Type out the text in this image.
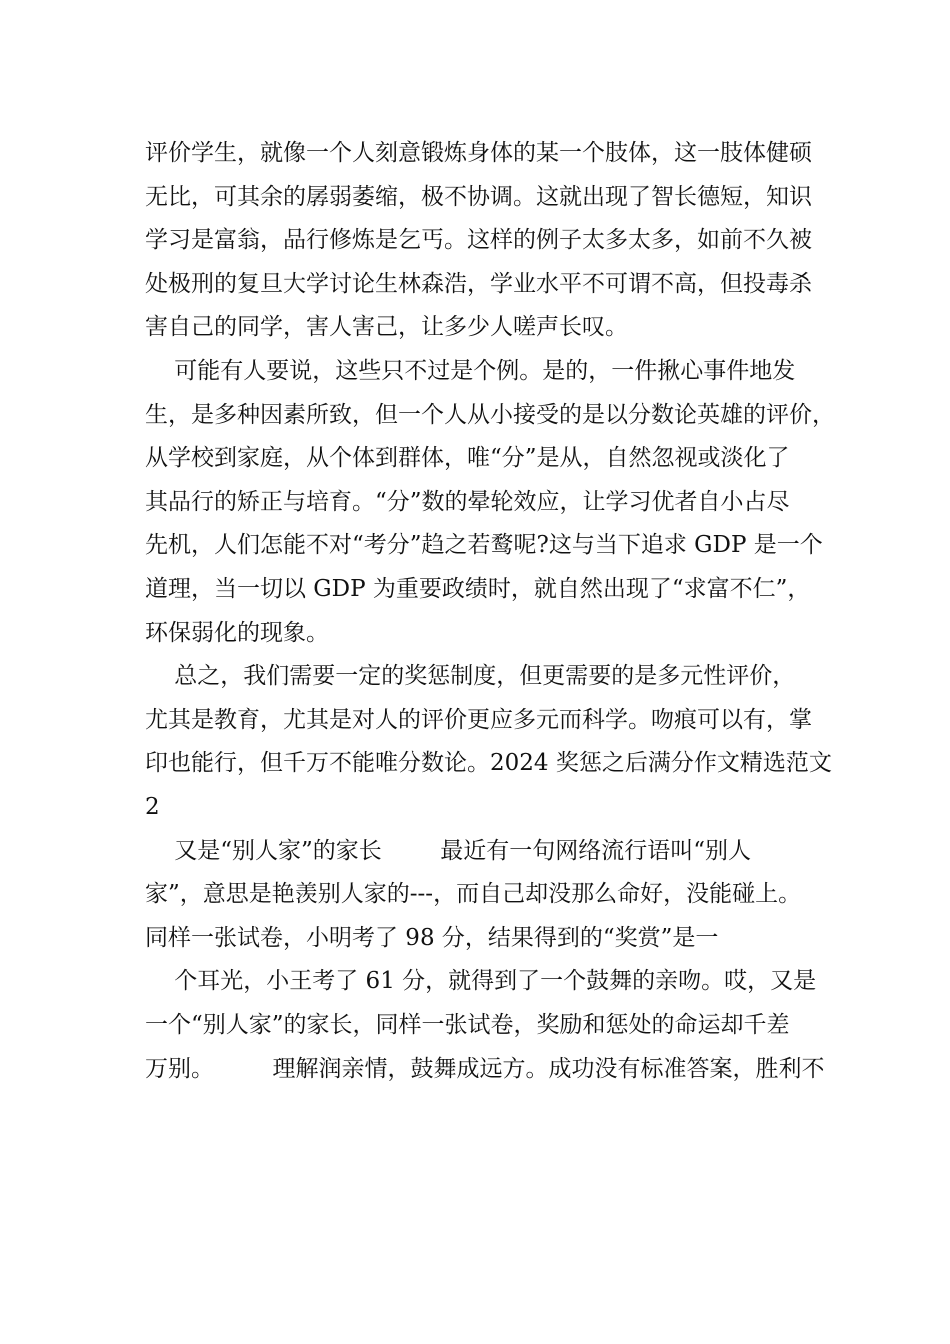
评价学生，就像一个人刻意锻炼身体的某一个肢体，这一肢体健硕
无比，可其余的孱弱萎缩，极不协调。这就出现了智长德短，知识
学习是富翁，品行修炼是乞丐。这样的例子太多太多，如前不久被
处极刑的复旦大学讨论生林森浩，学业水平不可谓不高，但投毒杀
害自己的同学，害人害己，让多少人嗟声长叹。
可能有人要说，这些只不过是个例。是的，一件揪心事件地发
生，是多种因素所致，但一个人从小接受的是以分数论英雄的评价，
从学校到家庭，从个体到群体，唯“分”是从，自然忽视或淡化了
其品行的矫正与培育。“分”数的晕轮效应，让学习优者自小占尽
先机，人们怎能不对“考分”趋之若鹜呢?这与当下追求 GDP 是一个
道理，当一切以 GDP 为重要政绩时，就自然出现了“求富不仁”，
环保弱化的现象。
总之，我们需要一定的奖惩制度，但更需要的是多元性评价，
尤其是教育，尤其是对人的评价更应多元而科学。吻痕可以有，掌
印也能行，但千万不能唯分数论。2024 奖惩之后满分作文精选范文
2
又是“别人家”的家长        最近有一句网络流行语叫“别人
家”，意思是艳羡别人家的---，而自己却没那么命好，没能碰上。
同样一张试卷，小明考了 98 分，结果得到的“奖赏”是一
个耳光，小王考了 61 分，就得到了一个鼓舞的亲吻。哎，又是
一个“别人家”的家长，同样一张试卷，奖励和惩处的命运却千差
万别。        理解润亲情，鼓舞成远方。成功没有标准答案，胜利不
